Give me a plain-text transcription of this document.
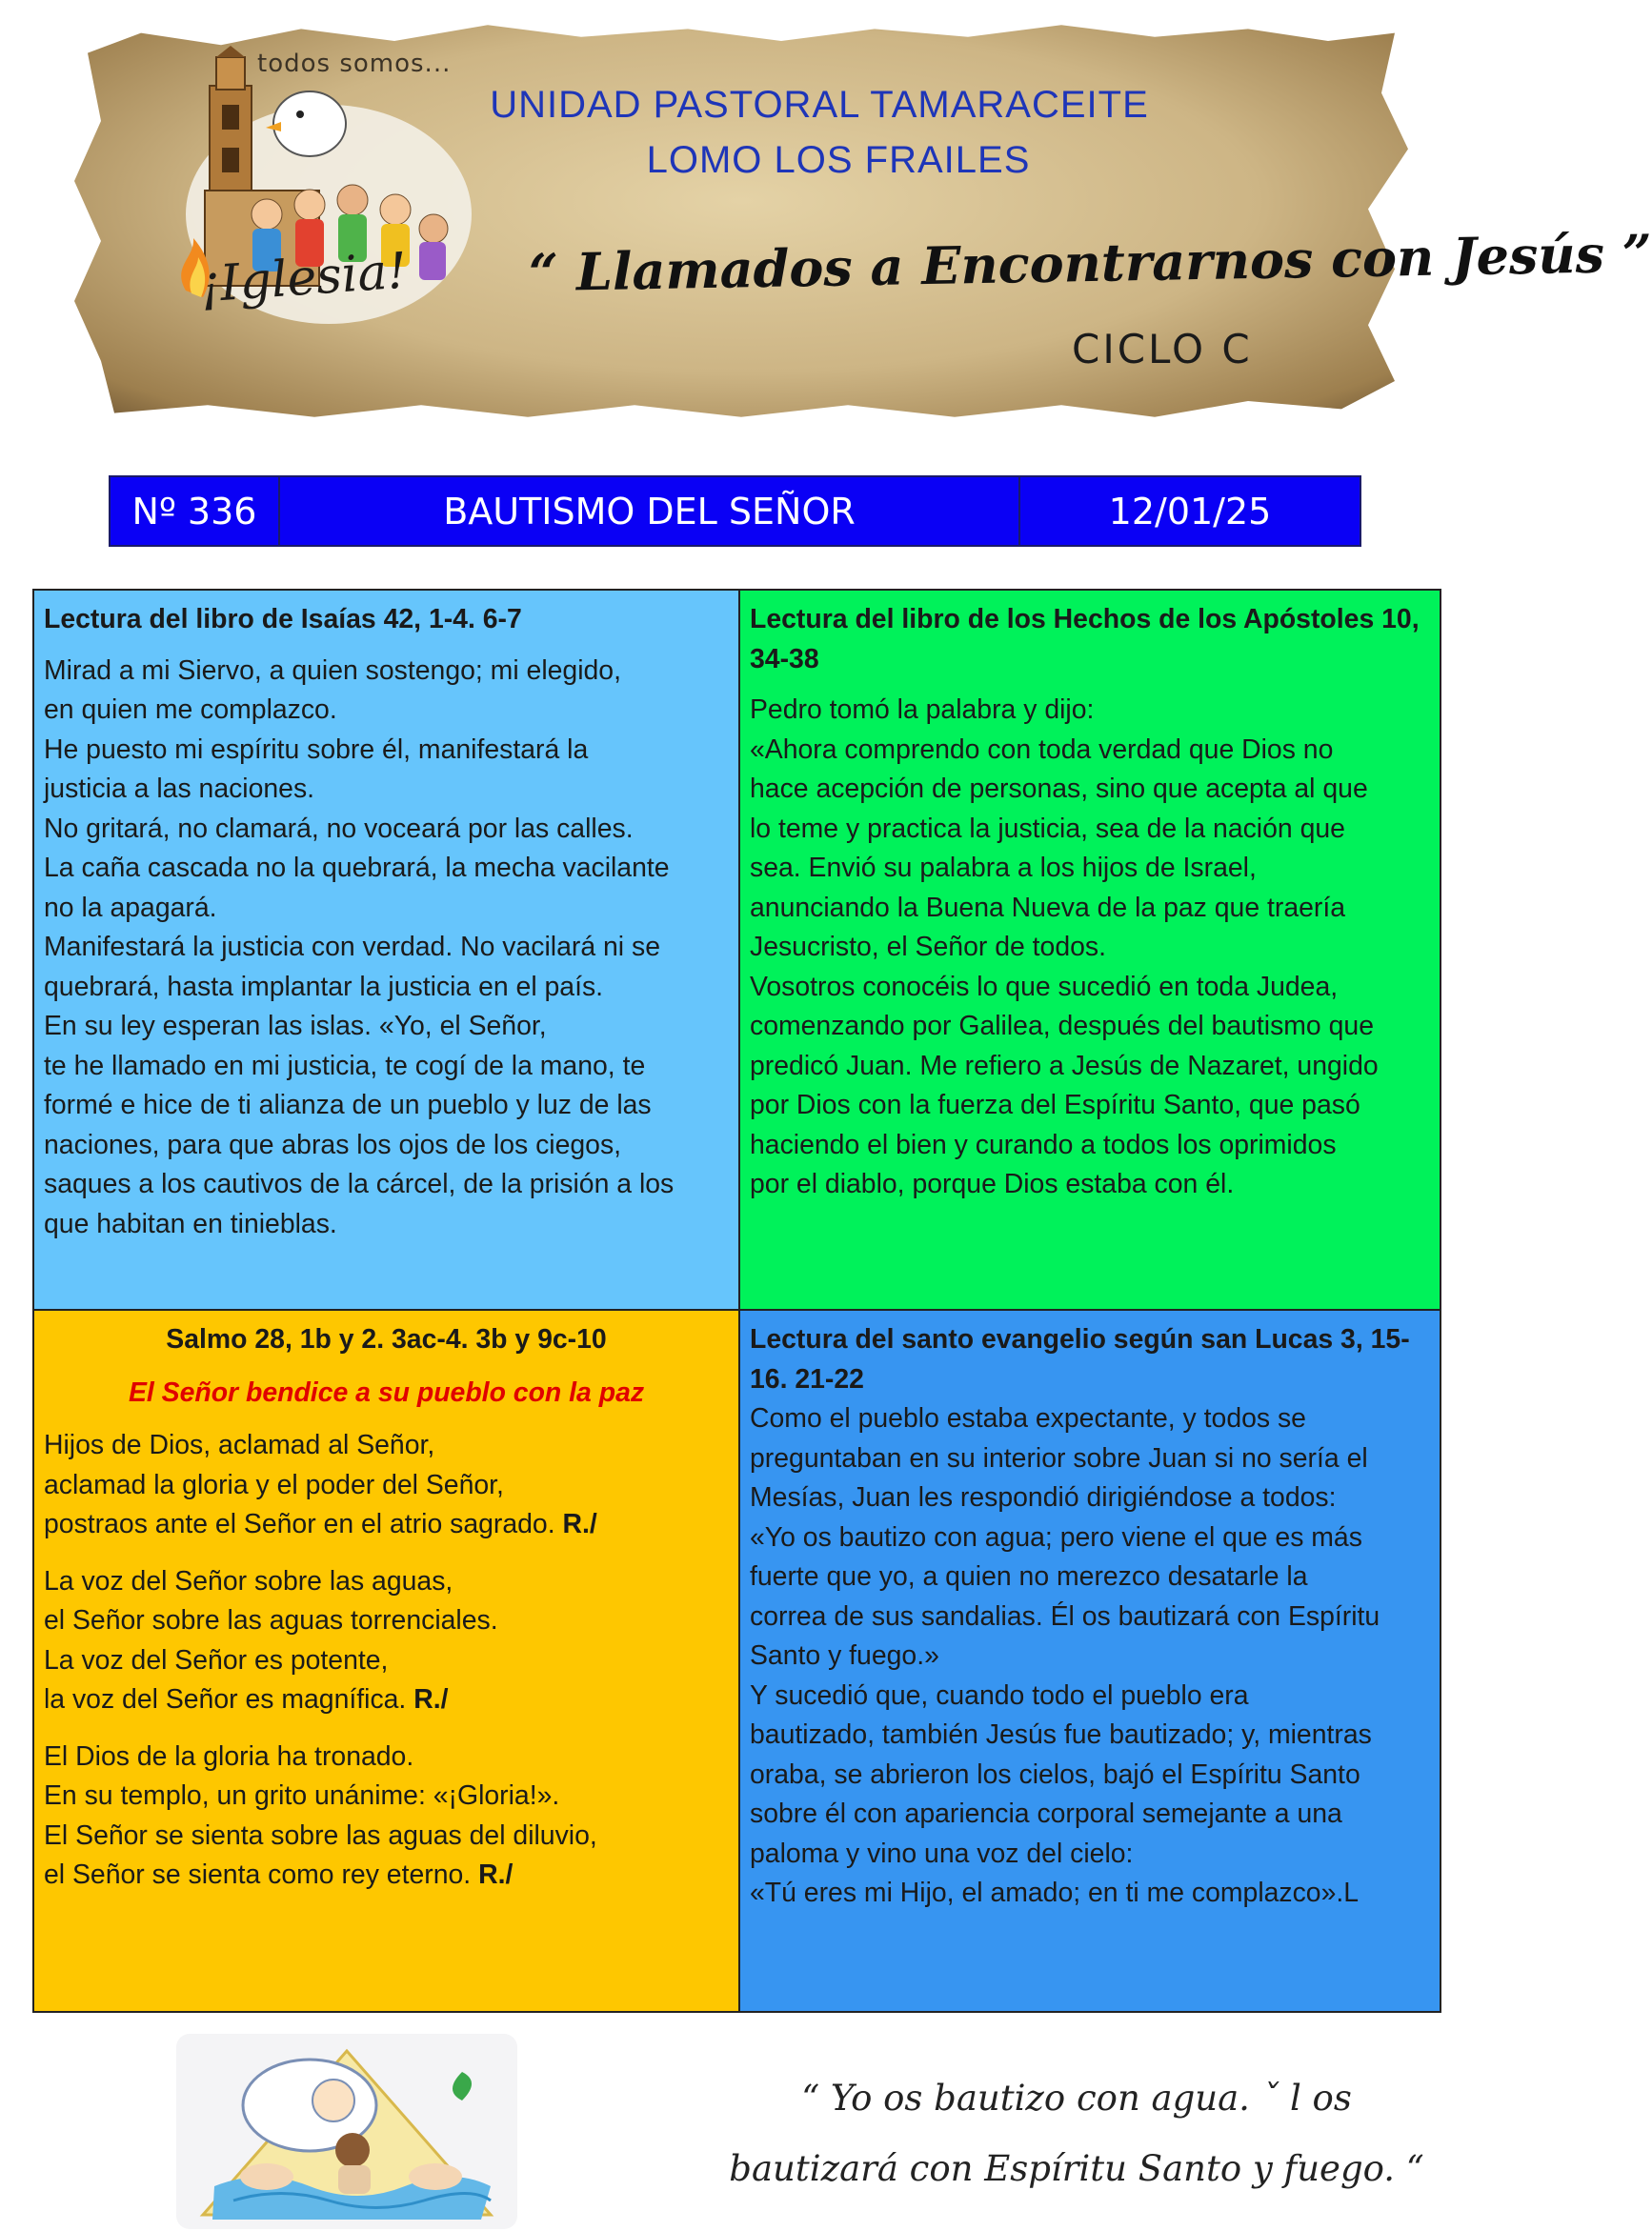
todos somos...
¡Iglesia!
UNIDAD PASTORAL TAMARACEITE
LOMO LOS FRAILES
“ Llamados a Encontrarnos con Jesús ”
CICLO C
Nº 336	BAUTISMO DEL SEÑOR	12/01/25

Lectura del libro de Isaías 42, 1-4. 6-7

Mirad a mi Siervo, a quien sostengo; mi elegido,

en quien me complazco.

He puesto mi espíritu sobre él, manifestará la

justicia a las naciones.

No gritará, no clamará, no voceará por las calles.

La caña cascada no la quebrará, la mecha vacilante

no la apagará.

Manifestará la justicia con verdad. No vacilará ni se

quebrará, hasta implantar la justicia en el país.

En su ley esperan las islas. «Yo, el Señor,

te he llamado en mi justicia, te cogí de la mano, te

formé e hice de ti alianza de un pueblo y luz de las

naciones, para que abras los ojos de los ciegos,

saques a los cautivos de la cárcel, de la prisión a los

que habitan en tinieblas.

Lectura del libro de los Hechos de los Apóstoles 10,

34-38

Pedro tomó la palabra y dijo:

«Ahora comprendo con toda verdad que Dios no

hace acepción de personas, sino que acepta al que

lo teme y practica la justicia, sea de la nación que

sea. Envió su palabra a los hijos de Israel,

anunciando la Buena Nueva de la paz que traería

Jesucristo, el Señor de todos.

Vosotros conocéis lo que sucedió en toda Judea,

comenzando por Galilea, después del bautismo que

predicó Juan. Me refiero a Jesús de Nazaret, ungido

por Dios con la fuerza del Espíritu Santo, que pasó

haciendo el bien y curando a todos los oprimidos

por el diablo, porque Dios estaba con él.

Salmo 28, 1b y 2. 3ac-4. 3b y 9c-10

El Señor bendice a su pueblo con la paz

Hijos de Dios, aclamad al Señor,

aclamad la gloria y el poder del Señor,

postraos ante el Señor en el atrio sagrado. R./

La voz del Señor sobre las aguas,

el Señor sobre las aguas torrenciales.

La voz del Señor es potente,

la voz del Señor es magnífica. R./

El Dios de la gloria ha tronado.

En su templo, un grito unánime: «¡Gloria!».

El Señor se sienta sobre las aguas del diluvio,

el Señor se sienta como rey eterno. R./

Lectura del santo evangelio según san Lucas 3, 15-

16. 21-22

Como el pueblo estaba expectante, y todos se

preguntaban en su interior sobre Juan si no sería el

Mesías, Juan les respondió dirigiéndose a todos:

«Yo os bautizo con agua; pero viene el que es más

fuerte que yo, a quien no merezco desatarle la

correa de sus sandalias. Él os bautizará con Espíritu

Santo y fuego.»

Y sucedió que, cuando todo el pueblo era

bautizado, también Jesús fue bautizado; y, mientras

oraba, se abrieron los cielos, bajó el Espíritu Santo

sobre él con apariencia corporal semejante a una

paloma y vino una voz del cielo:

«Tú eres mi Hijo, el amado; en ti me complazco».L

“ Yo os bautizo con agua. ˇ l os
bautizará con Espíritu Santo y fuego. “
